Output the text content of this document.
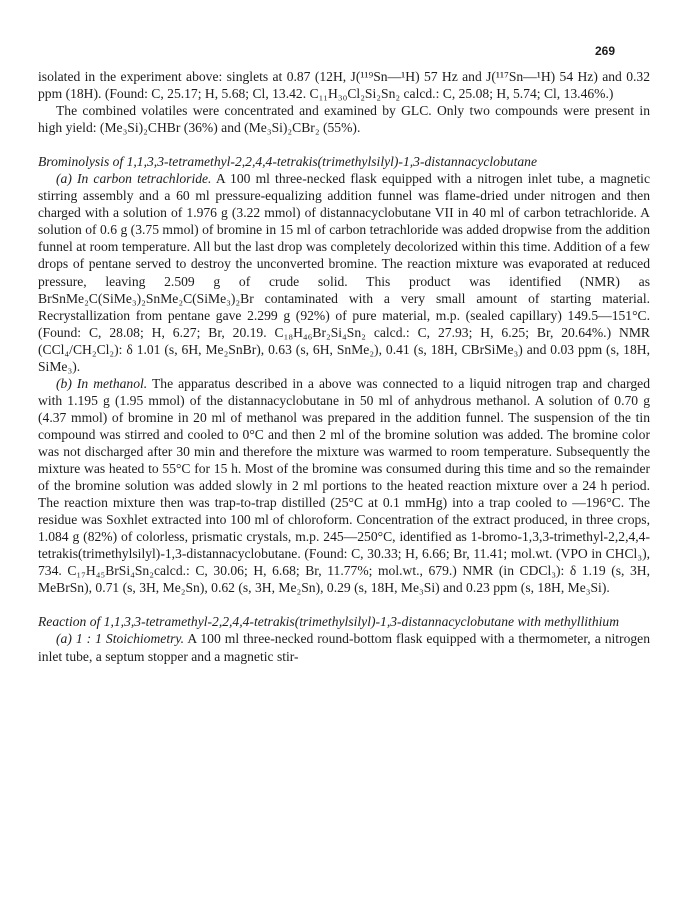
269

isolated in the experiment above: singlets at 0.87 (12H, J(¹¹⁹Sn—¹H) 57 Hz and J(¹¹⁷Sn—¹H) 54 Hz) and 0.32 ppm (18H). (Found: C, 25.17; H, 5.68; Cl, 13.42. C₁₁H₃₀Cl₂Si₂Sn₂ calcd.: C, 25.08; H, 5.74; Cl, 13.46%.)

The combined volatiles were concentrated and examined by GLC. Only two compounds were present in high yield: (Me₃Si)₂CHBr (36%) and (Me₃Si)₂CBr₂ (55%).

Brominolysis of 1,1,3,3-tetramethyl-2,2,4,4-tetrakis(trimethylsilyl)-1,3-distannacyclobutane

(a) In carbon tetrachloride. A 100 ml three-necked flask equipped with a nitrogen inlet tube, a magnetic stirring assembly and a 60 ml pressure-equalizing addition funnel was flame-dried under nitrogen and then charged with a solution of 1.976 g (3.22 mmol) of distannacyclobutane VII in 40 ml of carbon tetrachloride. A solution of 0.6 g (3.75 mmol) of bromine in 15 ml of carbon tetrachloride was added dropwise from the addition funnel at room temperature. All but the last drop was completely decolorized within this time. Addition of a few drops of pentane served to destroy the unconverted bromine. The reaction mixture was evaporated at reduced pressure, leaving 2.509 g of crude solid. This product was identified (NMR) as BrSnMe₂C(SiMe₃)₂SnMe₂C(SiMe₃)₂Br contaminated with a very small amount of starting material. Recrystallization from pentane gave 2.299 g (92%) of pure material, m.p. (sealed capillary) 149.5—151°C. (Found: C, 28.08; H, 6.27; Br, 20.19. C₁₈H₄₆Br₂Si₄Sn₂ calcd.: C, 27.93; H, 6.25; Br, 20.64%.) NMR (CCl₄/CH₂Cl₂): δ 1.01 (s, 6H, Me₂SnBr), 0.63 (s, 6H, SnMe₂), 0.41 (s, 18H, CBrSiMe₃) and 0.03 ppm (s, 18H, SiMe₃).

(b) In methanol. The apparatus described in a above was connected to a liquid nitrogen trap and charged with 1.195 g (1.95 mmol) of the distannacyclobutane in 50 ml of anhydrous methanol. A solution of 0.70 g (4.37 mmol) of bromine in 20 ml of methanol was prepared in the addition funnel. The suspension of the tin compound was stirred and cooled to 0°C and then 2 ml of the bromine solution was added. The bromine color was not discharged after 30 min and therefore the mixture was warmed to room temperature. Subsequently the mixture was heated to 55°C for 15 h. Most of the bromine was consumed during this time and so the remainder of the bromine solution was added slowly in 2 ml portions to the heated reaction mixture over a 24 h period. The reaction mixture then was trap-to-trap distilled (25°C at 0.1 mmHg) into a trap cooled to —196°C. The residue was Soxhlet extracted into 100 ml of chloroform. Concentration of the extract produced, in three crops, 1.084 g (82%) of colorless, prismatic crystals, m.p. 245—250°C, identified as 1-bromo-1,3,3-trimethyl-2,2,4,4-tetrakis(trimethylsilyl)-1,3-distannacyclobutane. (Found: C, 30.33; H, 6.66; Br, 11.41; mol.wt. (VPO in CHCl₃), 734. C₁₇H₄₅BrSi₄Sn₂calcd.: C, 30.06; H, 6.68; Br, 11.77%; mol.wt., 679.) NMR (in CDCl₃): δ 1.19 (s, 3H, MeBrSn), 0.71 (s, 3H, Me₂Sn), 0.62 (s, 3H, Me₂Sn), 0.29 (s, 18H, Me₃Si) and 0.23 ppm (s, 18H, Me₃Si).

Reaction of 1,1,3,3-tetramethyl-2,2,4,4-tetrakis(trimethylsilyl)-1,3-distannacyclobutane with methyllithium

(a) 1 : 1 Stoichiometry. A 100 ml three-necked round-bottom flask equipped with a thermometer, a nitrogen inlet tube, a septum stopper and a magnetic stir-
